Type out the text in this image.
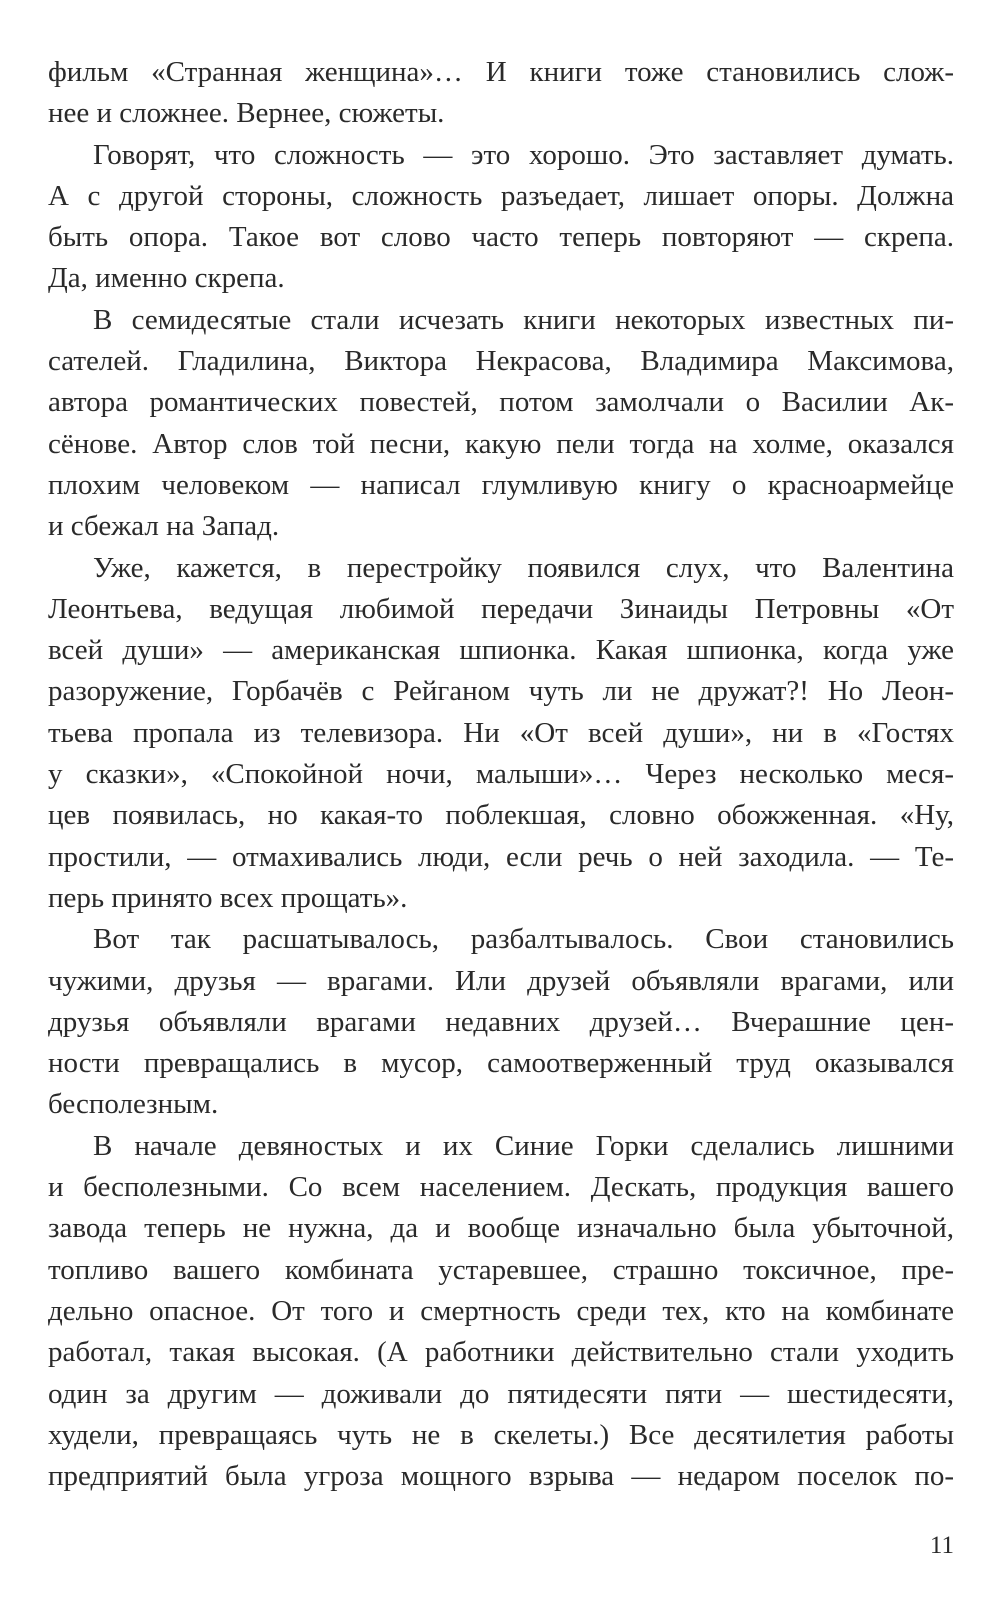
фильм «Странная женщина»… И книги тоже становились слож-
нее и сложнее. Вернее, сюжеты.
Говорят, что сложность — это хорошо. Это заставляет думать.
А с другой стороны, сложность разъедает, лишает опоры. Должна
быть опора. Такое вот слово часто теперь повторяют — скрепа.
Да, именно скрепа.
В семидесятые стали исчезать книги некоторых известных пи-
сателей. Гладилина, Виктора Некрасова, Владимира Максимова,
автора романтических повестей, потом замолчали о Василии Ак-
сёнове. Автор слов той песни, какую пели тогда на холме, оказался
плохим человеком — написал глумливую книгу о красноармейце
и сбежал на Запад.
Уже, кажется, в перестройку появился слух, что Валентина
Леонтьева, ведущая любимой передачи Зинаиды Петровны «От
всей души» — американская шпионка. Какая шпионка, когда уже
разоружение, Горбачёв с Рейганом чуть ли не дружат?! Но Леон-
тьева пропала из телевизора. Ни «От всей души», ни в «Гостях
у сказки», «Спокойной ночи, малыши»… Через несколько меся-
цев появилась, но какая-то поблекшая, словно обожженная. «Ну,
простили, — отмахивались люди, если речь о ней заходила. — Те-
перь принято всех прощать».
Вот так расшатывалось, разбалтывалось. Свои становились
чужими, друзья — врагами. Или друзей объявляли врагами, или
друзья объявляли врагами недавних друзей… Вчерашние цен-
ности превращались в мусор, самоотверженный труд оказывался
бесполезным.
В начале девяностых и их Синие Горки сделались лишними
и бесполезными. Со всем населением. Дескать, продукция вашего
завода теперь не нужна, да и вообще изначально была убыточной,
топливо вашего комбината устаревшее, страшно токсичное, пре-
дельно опасное. От того и смертность среди тех, кто на комбинате
работал, такая высокая. (А работники действительно стали уходить
один за другим — доживали до пятидесяти пяти — шестидесяти,
худели, превращаясь чуть не в скелеты.) Все десятилетия работы
предприятий была угроза мощного взрыва — недаром поселок по-
11
